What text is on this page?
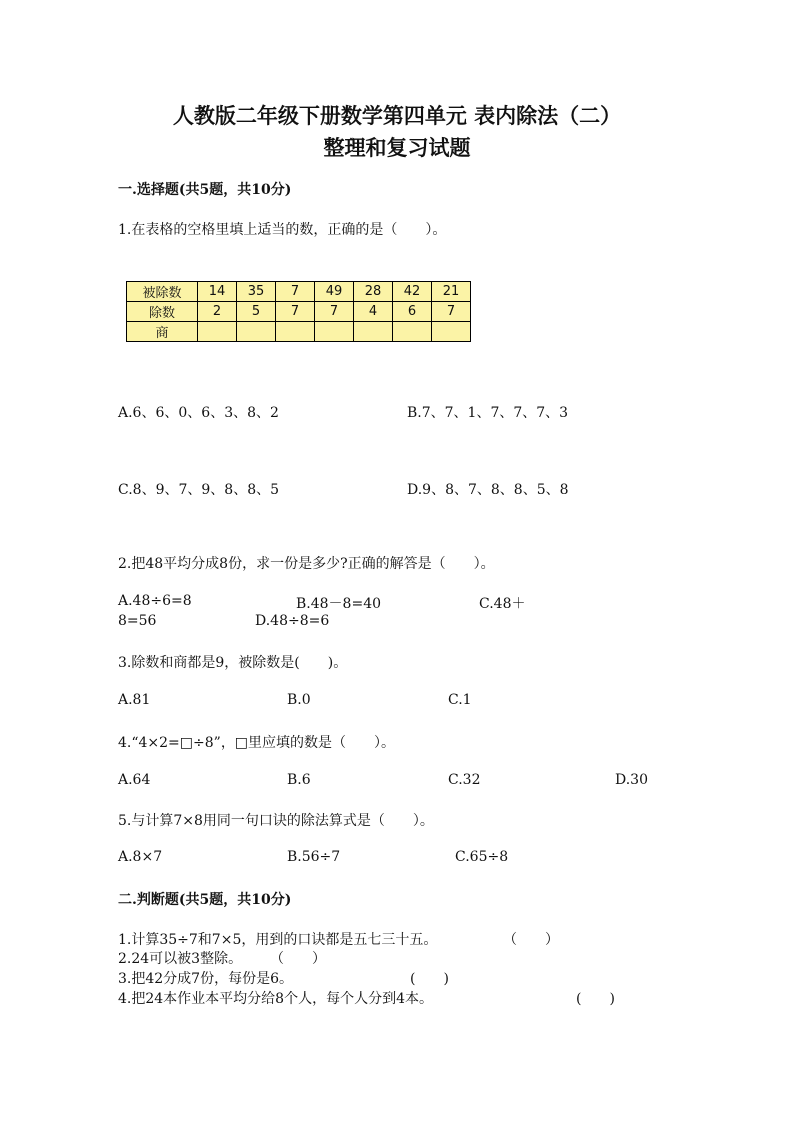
人教版二年级下册数学第四单元 表内除法（二）
整理和复习试题
一.选择题(共5题，共10分)
1.在表格的空格里填上适当的数，正确的是（　　）。
被除数	14	35	7	49	28	42	21
除数	2	5	7	7	4	6	7
商							
A.6、6、0、6、3、8、2	B.7、7、1、7、7、7、3
C.8、9、7、9、8、8、5	D.9、8、7、8、8、5、8
2.把48平均分成8份，求一份是多少?正确的解答是（　　）。
A.48÷6=8	B.48－8=40	C.48＋
8=56	D.48÷8=6
3.除数和商都是9，被除数是(　　)。
A.81	B.0	C.1
4.“4×2=□÷8”，□里应填的数是（　　）。
A.64	B.6	C.32	D.30
5.与计算7×8用同一句口诀的除法算式是（　　）。
A.8×7	B.56÷7	C.65÷8
二.判断题(共5题，共10分)
1.计算35÷7和7×5，用到的口诀都是五七三十五。	（　　）
2.24可以被3整除。 （　　）
3.把42分成7份，每份是6。	(　　)
4.把24本作业本平均分给8个人，每个人分到4本。	(　　)
